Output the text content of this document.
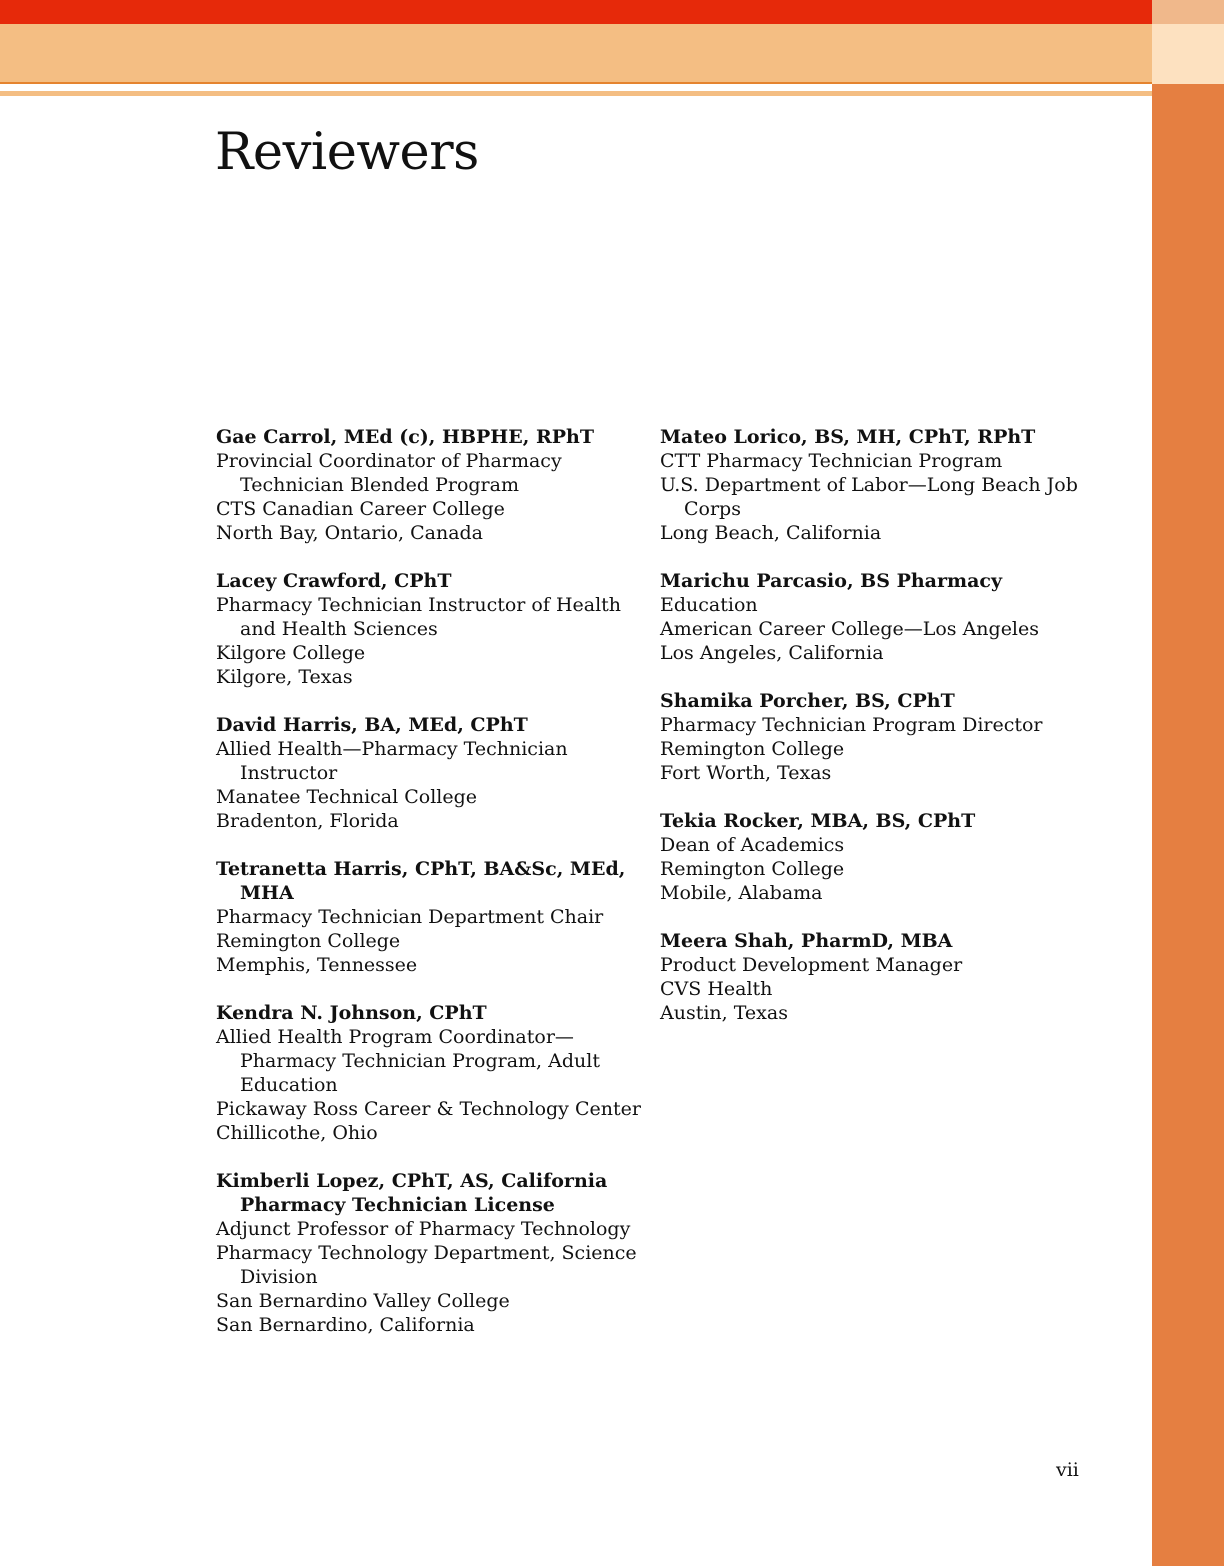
Reviewers
Gae Carrol, MEd (c), HBPHE, RPhT
Provincial Coordinator of Pharmacy Technician Blended Program
CTS Canadian Career College
North Bay, Ontario, Canada
Lacey Crawford, CPhT
Pharmacy Technician Instructor of Health and Health Sciences
Kilgore College
Kilgore, Texas
David Harris, BA, MEd, CPhT
Allied Health—Pharmacy Technician Instructor
Manatee Technical College
Bradenton, Florida
Tetranetta Harris, CPhT, BA&Sc, MEd, MHA
Pharmacy Technician Department Chair
Remington College
Memphis, Tennessee
Kendra N. Johnson, CPhT
Allied Health Program Coordinator—Pharmacy Technician Program, Adult Education
Pickaway Ross Career & Technology Center
Chillicothe, Ohio
Kimberli Lopez, CPhT, AS, California Pharmacy Technician License
Adjunct Professor of Pharmacy Technology
Pharmacy Technology Department, Science Division
San Bernardino Valley College
San Bernardino, California
Mateo Lorico, BS, MH, CPhT, RPhT
CTT Pharmacy Technician Program
U.S. Department of Labor—Long Beach Job Corps
Long Beach, California
Marichu Parcasio, BS Pharmacy
Education
American Career College—Los Angeles
Los Angeles, California
Shamika Porcher, BS, CPhT
Pharmacy Technician Program Director
Remington College
Fort Worth, Texas
Tekia Rocker, MBA, BS, CPhT
Dean of Academics
Remington College
Mobile, Alabama
Meera Shah, PharmD, MBA
Product Development Manager
CVS Health
Austin, Texas
vii
